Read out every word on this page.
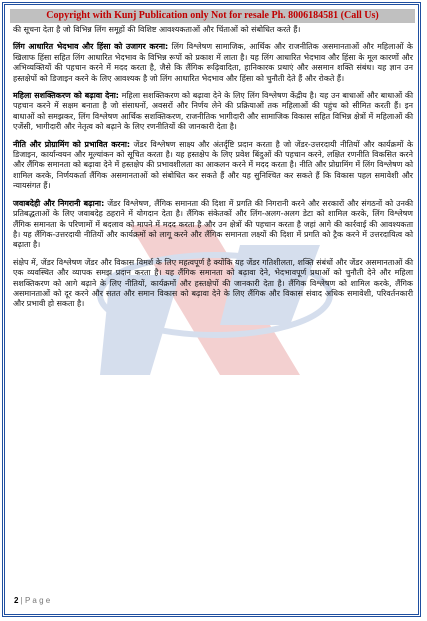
Copyright with Kunj Publication only Not for resale Ph. 8006184581 (Call Us)

की सूचना देता है जो विभिन्न लिंग समूहों की विशिष्ट आवश्यकताओं और चिंताओं को संबोधित करते हैं।

लिंग आधारित भेदभाव और हिंसा को उजागर करना: लिंग विश्लेषण सामाजिक, आर्थिक और राजनीतिक असमानताओं और महिलाओं के खिलाफ हिंसा सहित लिंग आधारित भेदभाव के विभिन्न रूपों को प्रकाश में लाता है। यह लिंग आधारित भेदभाव और हिंसा के मूल कारणों और अभिव्यक्तियों की पहचान करने में मदद करता है, जैसे कि लैंगिक रूढ़िवादिता, हानिकारक प्रथाएं और असमान शक्ति संबंध। यह ज्ञान उन हस्तक्षेपों को डिजाइन करने के लिए आवश्यक है जो लिंग आधारित भेदभाव और हिंसा को चुनौती देते हैं और रोकते हैं।

महिला सशक्तिकरण को बढ़ावा देना: महिला सशक्तिकरण को बढ़ावा देने के लिए लिंग विश्लेषण केंद्रीय है। यह उन बाधाओं और बाधाओं की पहचान करने में सक्षम बनाता है जो संसाधनों, अवसरों और निर्णय लेने की प्रक्रियाओं तक महिलाओं की पहुंच को सीमित करती हैं। इन बाधाओं को समझकर, लिंग विश्लेषण आर्थिक सशक्तिकरण, राजनीतिक भागीदारी और सामाजिक विकास सहित विभिन्न क्षेत्रों में महिलाओं की एजेंसी, भागीदारी और नेतृत्व को बढ़ाने के लिए रणनीतियों की जानकारी देता है।

नीति और प्रोग्रामिंग को प्रभावित करना: जेंडर विश्लेषण साक्ष्य और अंतर्दृष्टि प्रदान करता है जो जेंडर-उत्तरदायी नीतियों और कार्यक्रमों के डिजाइन, कार्यान्वयन और मूल्यांकन को सूचित करता है। यह हस्तक्षेप के लिए प्रवेश बिंदुओं की पहचान करने, लक्षित रणनीति विकसित करने और लैंगिक समानता को बढ़ावा देने में हस्तक्षेप की प्रभावशीलता का आकलन करने में मदद करता है। नीति और प्रोग्रामिंग में लिंग विश्लेषण को शामिल करके, निर्णयकर्ता लैंगिक असमानताओं को संबोधित कर सकते हैं और यह सुनिश्चित कर सकते हैं कि विकास पहल समावेशी और न्यायसंगत हैं।

जवाबदेही और निगरानी बढ़ाना: जेंडर विश्लेषण, लैंगिक समानता की दिशा में प्रगति की निगरानी करने और सरकारों और संगठनों को उनकी प्रतिबद्धताओं के लिए जवाबदेह ठहराने में योगदान देता है। लैंगिक संकेतकों और लिंग-अलग-अलग डेटा को शामिल करके, लिंग विश्लेषण लैंगिक समानता के परिणामों में बदलाव को मापने में मदद करता है और उन क्षेत्रों की पहचान करता है जहां आगे की कार्रवाई की आवश्यकता है। यह लैंगिक-उत्तरदायी नीतियों और कार्यक्रमों को लागू करने और लैंगिक समानता लक्ष्यों की दिशा में प्रगति को ट्रैक करने में उत्तरदायित्व को बढ़ाता है।

संक्षेप में, जेंडर विश्लेषण जेंडर और विकास विमर्श के लिए महत्वपूर्ण है क्योंकि यह जेंडर गतिशीलता, शक्ति संबंधों और जेंडर असमानताओं की एक व्यवस्थित और व्यापक समझ प्रदान करता है। यह लैंगिक समानता को बढ़ावा देने, भेदभावपूर्ण प्रथाओं को चुनौती देने और महिला सशक्तिकरण को आगे बढ़ाने के लिए नीतियों, कार्यक्रमों और हस्तक्षेपों की जानकारी देता है। लैंगिक विश्लेषण को शामिल करके, लैंगिक असमानताओं को दूर करने और सतत और समान विकास को बढ़ावा देने के लिए लैंगिक और विकास संवाद अधिक समावेशी, परिवर्तनकारी और प्रभावी हो सकता है।

2 | P a g e
